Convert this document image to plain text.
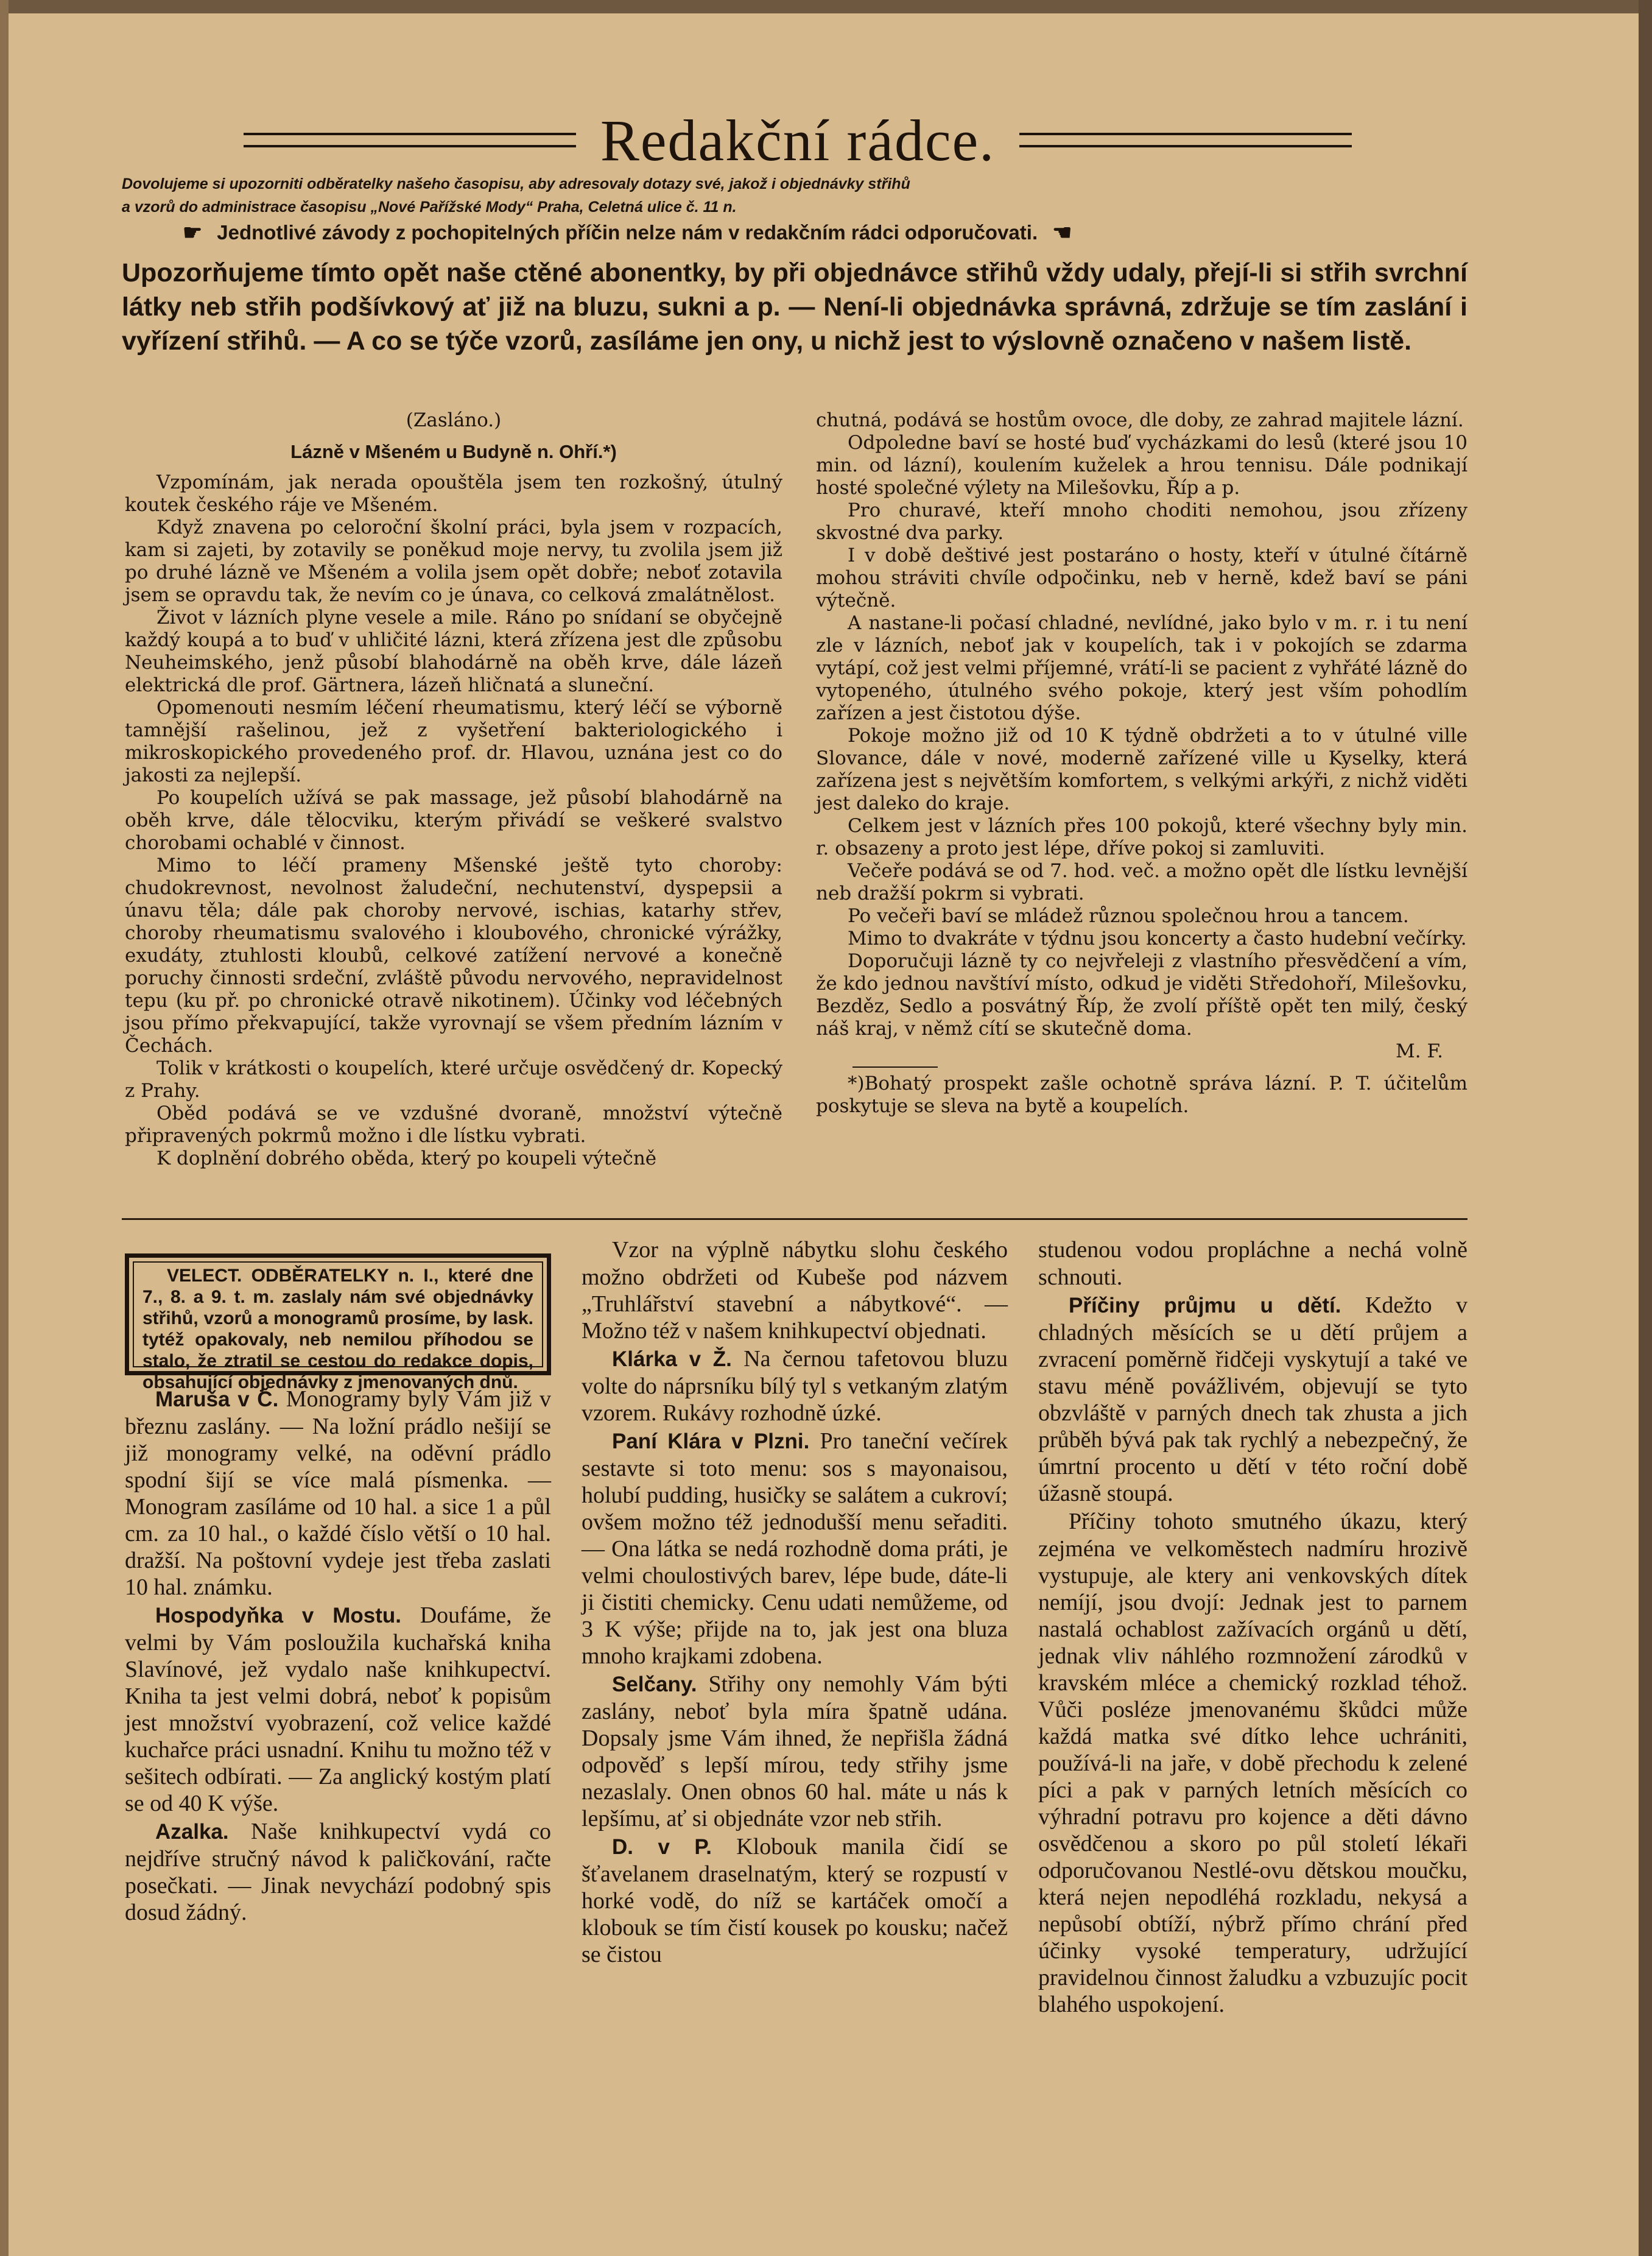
Redakční rádce.
Dovolujeme si upozorniti odběratelky našeho časopisu, aby adresovaly dotazy své, jakož i objednávky střihů
a vzorů do administrace časopisu „Nové Pařížské Mody“ Praha, Celetná ulice č. 11 n.
☛ Jednotlivé závody z pochopitelných příčin nelze nám v redakčním rádci odporučovati. ☚
Upozorňujeme tímto opět naše ctěné abonentky, by při objednávce střihů vždy udaly, přejí-li si střih svrchní látky neb střih podšívkový ať již na bluzu, sukni a p. — Není-li objednávka správná, zdržuje se tím zaslání i vyřízení střihů. — A co se týče vzorů, zasíláme jen ony, u nichž jest to výslovně označeno v našem listě.

(Zasláno.)

Lázně v Mšeném u Budyně n. Ohří.*)

Vzpomínám, jak nerada opouštěla jsem ten rozkošný, útulný koutek českého ráje ve Mšeném.

Když znavena po celoroční školní práci, byla jsem v rozpacích, kam si zajeti, by zotavily se poněkud moje nervy, tu zvolila jsem již po druhé lázně ve Mšeném a volila jsem opět dobře; neboť zotavila jsem se opravdu tak, že nevím co je únava, co celková zmalátnělost.

Život v lázních plyne vesele a mile. Ráno po snídaní se obyčejně každý koupá a to buď v uhličité lázni, která zřízena jest dle způsobu Neuheimského, jenž působí blahodárně na oběh krve, dále lázeň elektrická dle prof. Gärtnera, lázeň hličnatá a sluneční.

Opomenouti nesmím léčení rheumatismu, který léčí se výborně tamnější rašelinou, jež z vyšetření bakteriologického i mikroskopického provedeného prof. dr. Hlavou, uznána jest co do jakosti za nejlepší.

Po koupelích užívá se pak massage, jež působí blahodárně na oběh krve, dále tělocviku, kterým přivádí se veškeré svalstvo chorobami ochablé v činnost.

Mimo to léčí prameny Mšenské ještě tyto choroby: chudokrevnost, nevolnost žaludeční, nechutenství, dyspepsii a únavu těla; dále pak choroby nervové, ischias, katarhy střev, choroby rheumatismu svalového i kloubového, chronické výrážky, exudáty, ztuhlosti kloubů, celkové zatížení nervové a konečně poruchy činnosti srdeční, zvláště původu nervového, nepravidelnost tepu (ku př. po chronické otravě nikotinem). Účinky vod léčebných jsou přímo překvapující, takže vyrovnají se všem předním lázním v Čechách.

Tolik v krátkosti o koupelích, které určuje osvědčený dr. Kopecký z Prahy.

Oběd podává se ve vzdušné dvoraně, množství výtečně připravených pokrmů možno i dle lístku vybrati.

K doplnění dobrého oběda, který po koupeli výtečně

chutná, podává se hostům ovoce, dle doby, ze zahrad majitele lázní.

Odpoledne baví se hosté buď vycházkami do lesů (které jsou 10 min. od lázní), koulením kuželek a hrou tennisu. Dále podnikají hosté společné výlety na Milešovku, Říp a p.

Pro churavé, kteří mnoho choditi nemohou, jsou zřízeny skvostné dva parky.

I v době deštivé jest postaráno o hosty, kteří v útulné čítárně mohou stráviti chvíle odpočinku, neb v herně, kdež baví se páni výtečně.

A nastane-li počasí chladné, nevlídné, jako bylo v m. r. i tu není zle v lázních, neboť jak v koupelích, tak i v pokojích se zdarma vytápí, což jest velmi příjemné, vrátí-li se pacient z vyhřáté lázně do vytopeného, útulného svého pokoje, který jest vším pohodlím zařízen a jest čistotou dýše.

Pokoje možno již od 10 K týdně obdržeti a to v útulné ville Slovance, dále v nové, moderně zařízené ville u Kyselky, která zařízena jest s největším komfortem, s velkými arkýři, z nichž viděti jest daleko do kraje.

Celkem jest v lázních přes 100 pokojů, které všechny byly min. r. obsazeny a proto jest lépe, dříve pokoj si zamluviti.

Večeře podává se od 7. hod. več. a možno opět dle lístku levnější neb dražší pokrm si vybrati.

Po večeři baví se mládež různou společnou hrou a tancem.

Mimo to dvakráte v týdnu jsou koncerty a často hudební večírky.

Doporučuji lázně ty co nejvřeleji z vlastního přesvědčení a vím, že kdo jednou navštíví místo, odkud je viděti Středohoří, Milešovku, Bezděz, Sedlo a posvátný Říp, že zvolí příště opět ten milý, český náš kraj, v němž cítí se skutečně doma.

M. F.

*)Bohatý prospekt zašle ochotně správa lázní. P. T. účitelům poskytuje se sleva na bytě a koupelích.

VELECT. ODBĚRATELKY n. I., které dne 7., 8. a 9. t. m. zaslaly nám své objednávky střihů, vzorů a monogramů prosíme, by lask. tytéž opakovaly, neb nemilou příhodou se stalo, že ztratil se cestou do redakce dopis, obsahující objednávky z jmenovaných dnů.

Maruša v Č. Monogramy byly Vám již v březnu zaslány. — Na ložní prádlo nešijí se již monogramy velké, na oděvní prádlo spodní šijí se více malá písmenka. — Monogram zasíláme od 10 hal. a sice 1 a půl cm. za 10 hal., o každé číslo větší o 10 hal. dražší. Na poštovní vydeje jest třeba zaslati 10 hal. známku.

Hospodyňka v Mostu. Doufáme, že velmi by Vám posloužila kuchařská kniha Slavínové, jež vydalo naše knihkupectví. Kniha ta jest velmi dobrá, neboť k popisům jest množství vyobrazení, což velice každé kuchařce práci usnadní. Knihu tu možno též v sešitech odbírati. — Za anglický kostým platí se od 40 K výše.

Azalka. Naše knihkupectví vydá co nejdříve stručný návod k paličkování, račte posečkati. — Jinak nevychází podobný spis dosud žádný.

Vzor na výplně nábytku slohu českého možno obdržeti od Kubeše pod názvem „Truhlářství stavební a nábytkové“. — Možno též v našem knihkupectví objednati.

Klárka v Ž. Na černou tafetovou bluzu volte do náprsníku bílý tyl s vetkaným zlatým vzorem. Rukávy rozhodně úzké.

Paní Klára v Plzni. Pro taneční večírek sestavte si toto menu: sos s mayonaisou, holubí pudding, husičky se salátem a cukroví; ovšem možno též jednodušší menu seřaditi. — Ona látka se nedá rozhodně doma práti, je velmi choulostivých barev, lépe bude, dáte-li ji čistiti chemicky. Cenu udati nemůžeme, od 3 K výše; přijde na to, jak jest ona bluza mnoho krajkami zdobena.

Selčany. Střihy ony nemohly Vám býti zaslány, neboť byla míra špatně udána. Dopsaly jsme Vám ihned, že nepřišla žádná odpověď s lepší mírou, tedy střihy jsme nezaslaly. Onen obnos 60 hal. máte u nás k lepšímu, ať si objednáte vzor neb střih.

D. v P. Klobouk manila čidí se šťavelanem draselnatým, který se rozpustí v horké vodě, do níž se kartáček omočí a klobouk se tím čistí kousek po kousku; načež se čistou

studenou vodou propláchne a nechá volně schnouti.

Příčiny průjmu u dětí. Kdežto v chladných měsících se u dětí průjem a zvracení poměrně řidčeji vyskytují a také ve stavu méně povážlivém, objevují se tyto obzvláště v parných dnech tak zhusta a jich průběh bývá pak tak rychlý a nebezpečný, že úmrtní procento u dětí v této roční době úžasně stoupá.

Příčiny tohoto smutného úkazu, který zejména ve velkoměstech nadmíru hrozivě vystupuje, ale ktery ani venkovských dítek nemíjí, jsou dvojí: Jednak jest to parnem nastalá ochablost zažívacích orgánů u dětí, jednak vliv náhlého rozmnožení zárodků v kravském mléce a chemický rozklad téhož. Vůči posléze jmenovanému škůdci může každá matka své dítko lehce uchrániti, používá-li na jaře, v době přechodu k zelené píci a pak v parných letních měsících co výhradní potravu pro kojence a děti dávno osvědčenou a skoro po půl století lékaři odporučovanou Nestlé-ovu dětskou moučku, která nejen nepodléhá rozkladu, nekysá a nepůsobí obtíží, nýbrž přímo chrání před účinky vysoké temperatury, udržující pravidelnou činnost žaludku a vzbuzujíc pocit blahého uspokojení.
